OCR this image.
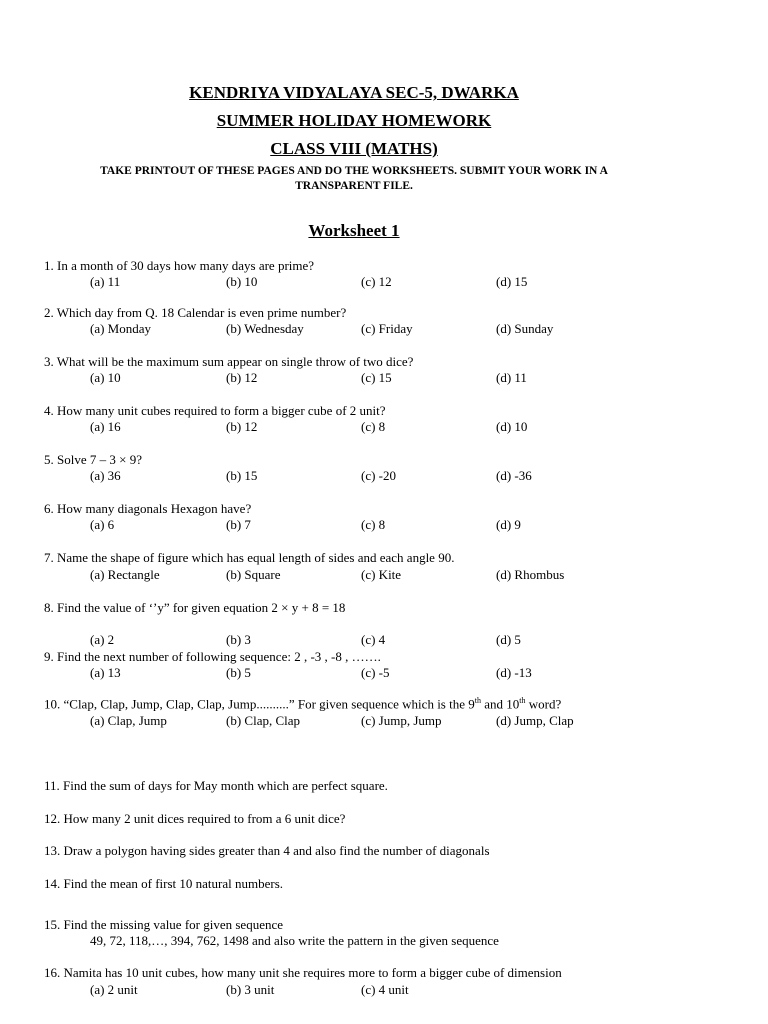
KENDRIYA VIDYALAYA SEC-5, DWARKA
SUMMER HOLIDAY HOMEWORK
CLASS VIII (MATHS)
TAKE PRINTOUT OF THESE PAGES AND DO THE WORKSHEETS. SUBMIT YOUR WORK IN A
TRANSPARENT FILE.
Worksheet 1
1. In a month of 30 days how many days are prime?
(a) 11	(b) 10	(c) 12	(d) 15
2. Which day from Q. 18 Calendar is even prime number?
(a) Monday	(b) Wednesday	(c) Friday	(d) Sunday
3. What will be the maximum sum appear on single throw of two dice?
(a) 10	(b) 12	(c) 15	(d) 11
4. How many unit cubes required to form a bigger cube of 2 unit?
(a) 16	(b) 12	(c) 8	(d) 10
5. Solve 7 – 3 × 9?
(a) 36	(b) 15	(c) -20	(d) -36
6. How many diagonals Hexagon have?
(a) 6	(b) 7	(c) 8	(d) 9
7. Name the shape of figure which has equal length of sides and each angle 90.
(a) Rectangle	(b) Square	(c) Kite	(d) Rhombus
8. Find the value of ‘’y” for given equation 2 × y + 8 = 18
(a) 2	(b) 3	(c) 4	(d) 5
9. Find the next number of following sequence: 2 , -3 , -8 , …….
(a) 13	(b) 5	(c) -5	(d) -13
10. “Clap, Clap, Jump, Clap, Clap, Jump..........” For given sequence which is the 9th and 10th word?
(a) Clap, Jump	(b) Clap, Clap	(c) Jump, Jump	(d) Jump, Clap
11. Find the sum of days for May month which are perfect square.
12. How many 2 unit dices required to from a 6 unit dice?
13. Draw a polygon having sides greater than 4 and also find the number of diagonals
14. Find the mean of first 10 natural numbers.
15. Find the missing value for given sequence
49, 72, 118,…, 394, 762, 1498 and also write the pattern in the given sequence
16. Namita has 10 unit cubes, how many unit she requires more to form a bigger cube of dimension
(a) 2 unit	(b) 3 unit	(c) 4 unit
